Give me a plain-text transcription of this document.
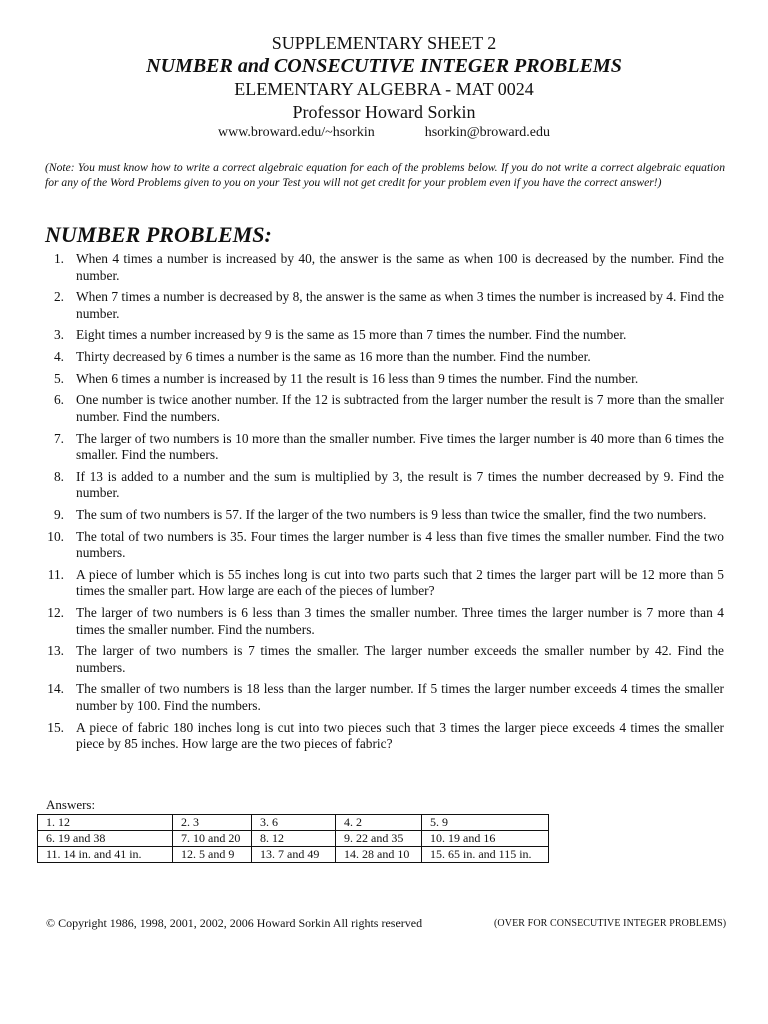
SUPPLEMENTARY SHEET 2
NUMBER and CONSECUTIVE INTEGER PROBLEMS
ELEMENTARY ALGEBRA - MAT 0024
Professor Howard Sorkin
www.broward.edu/~hsorkin	hsorkin@broward.edu
(Note: You must know how to write a correct algebraic equation for each of the problems below. If you do not write a correct algebraic equation for any of the Word Problems given to you on your Test you will not get credit for your problem even if you have the correct answer!)
NUMBER PROBLEMS:
1. When 4 times a number is increased by 40, the answer is the same as when 100 is decreased by the number. Find the number.
2. When 7 times a number is decreased by 8, the answer is the same as when 3 times the number is increased by 4. Find the number.
3. Eight times a number increased by 9 is the same as 15 more than 7 times the number. Find the number.
4. Thirty decreased by 6 times a number is the same as 16 more than the number. Find the number.
5. When 6 times a number is increased by 11 the result is 16 less than 9 times the number. Find the number.
6. One number is twice another number. If the 12 is subtracted from the larger number the result is 7 more than the smaller number. Find the numbers.
7. The larger of two numbers is 10 more than the smaller number. Five times the larger number is 40 more than 6 times the smaller. Find the numbers.
8. If 13 is added to a number and the sum is multiplied by 3, the result is 7 times the number decreased by 9. Find the number.
9. The sum of two numbers is 57. If the larger of the two numbers is 9 less than twice the smaller, find the two numbers.
10. The total of two numbers is 35. Four times the larger number is 4 less than five times the smaller number. Find the two numbers.
11. A piece of lumber which is 55 inches long is cut into two parts such that 2 times the larger part will be 12 more than 5 times the smaller part. How large are each of the pieces of lumber?
12. The larger of two numbers is 6 less than 3 times the smaller number. Three times the larger number is 7 more than 4 times the smaller number. Find the numbers.
13. The larger of two numbers is 7 times the smaller. The larger number exceeds the smaller number by 42. Find the numbers.
14. The smaller of two numbers is 18 less than the larger number. If 5 times the larger number exceeds 4 times the smaller number by 100. Find the numbers.
15. A piece of fabric 180 inches long is cut into two pieces such that 3 times the larger piece exceeds 4 times the smaller piece by 85 inches. How large are the two pieces of fabric?
Answers:
1. 12	2. 3	3. 6	4. 2	5. 9
6. 19 and 38	7. 10 and 20	8. 12	9. 22 and 35	10. 19 and 16
11. 14 in. and 41 in.	12. 5 and 9	13. 7 and 49	14. 28 and 10	15. 65 in. and 115 in.
© Copyright 1986, 1998, 2001, 2002, 2006 Howard Sorkin All rights reserved	(OVER FOR CONSECUTIVE INTEGER PROBLEMS)
